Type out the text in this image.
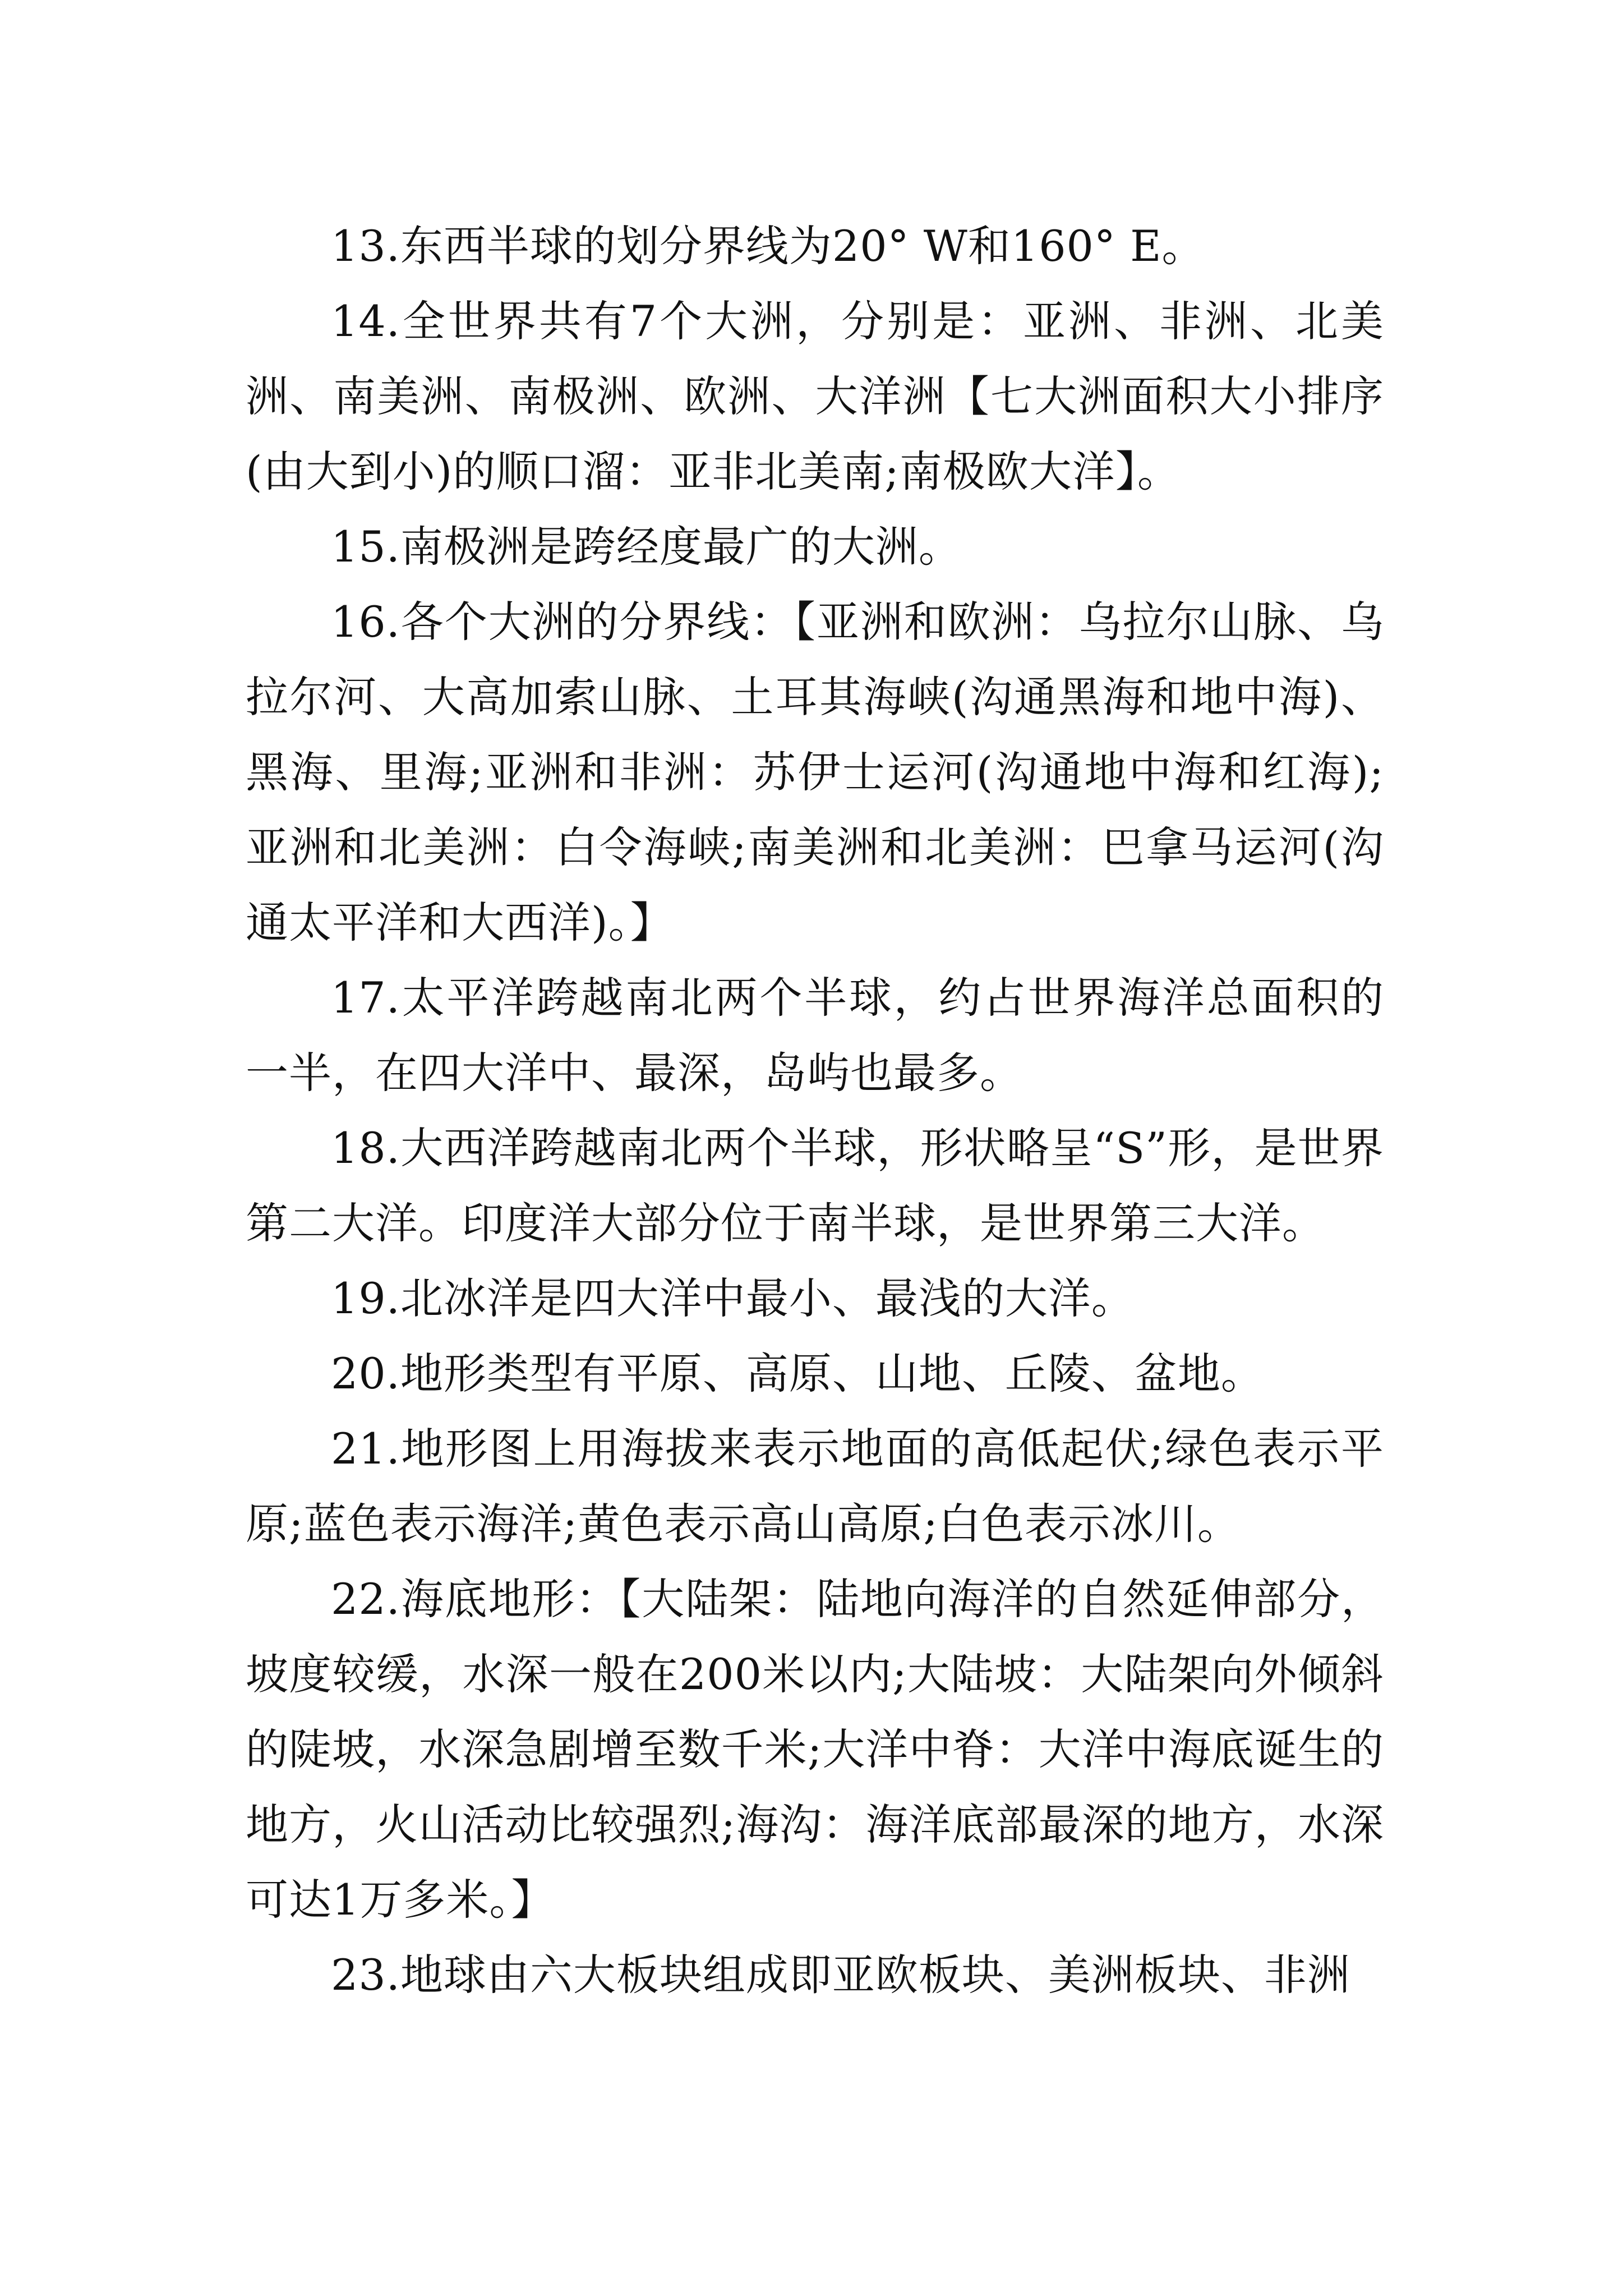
13.东西半球的划分界线为20° W和160° E。

14.全世界共有7个大洲，分别是：亚洲、非洲、北美洲、南美洲、南极洲、欧洲、大洋洲【七大洲面积大小排序(由大到小)的顺口溜：亚非北美南;南极欧大洋】。

15.南极洲是跨经度最广的大洲。

16.各个大洲的分界线：【亚洲和欧洲：乌拉尔山脉、乌拉尔河、大高加索山脉、土耳其海峡(沟通黑海和地中海)、黑海、里海;亚洲和非洲：苏伊士运河(沟通地中海和红海);亚洲和北美洲：白令海峡;南美洲和北美洲：巴拿马运河(沟通太平洋和大西洋)。】

17.太平洋跨越南北两个半球，约占世界海洋总面积的一半，在四大洋中、最深，岛屿也最多。

18.大西洋跨越南北两个半球，形状略呈“S”形，是世界第二大洋。印度洋大部分位于南半球，是世界第三大洋。

19.北冰洋是四大洋中最小、最浅的大洋。

20.地形类型有平原、高原、山地、丘陵、盆地。

21.地形图上用海拔来表示地面的高低起伏;绿色表示平原;蓝色表示海洋;黄色表示高山高原;白色表示冰川。

22.海底地形：【大陆架：陆地向海洋的自然延伸部分，坡度较缓，水深一般在200米以内;大陆坡：大陆架向外倾斜的陡坡，水深急剧增至数千米;大洋中脊：大洋中海底诞生的地方，火山活动比较强烈;海沟：海洋底部最深的地方，水深可达1万多米。】

23.地球由六大板块组成即亚欧板块、美洲板块、非洲
